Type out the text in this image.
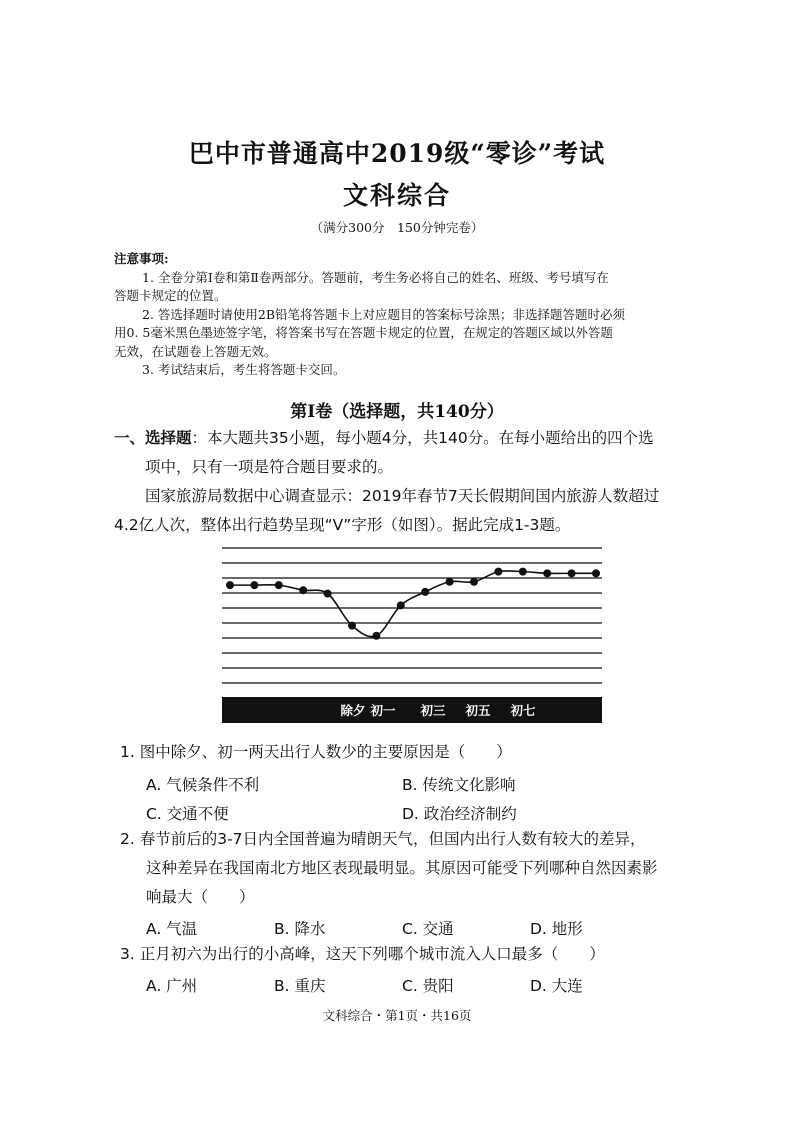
巴中市普通高中2019级“零诊”考试
文科综合
（满分300分　150分钟完卷）
注意事项:
1. 全卷分第Ⅰ卷和第Ⅱ卷两部分。答题前，考生务必将自己的姓名、班级、考号填写在
答题卡规定的位置。
2. 答选择题时请使用2B铅笔将答题卡上对应题目的答案标号涂黑；非选择题答题时必须
用0. 5毫米黑色墨迹签字笔，将答案书写在答题卡规定的位置，在规定的答题区域以外答题
无效，在试题卷上答题无效。
3. 考试结束后，考生将答题卡交回。
第Ⅰ卷（选择题，共140分）
一、选择题：本大题共35小题，每小题4分，共140分。在每小题给出的四个选
项中，只有一项是符合题目要求的。
国家旅游局数据中心调查显示：2019年春节7天长假期间国内旅游人数超过
4.2亿人次，整体出行趋势呈现“V”字形（如图）。据此完成1-3题。
除夕 初一 初三 初五 初七
1. 图中除夕、初一两天出行人数少的主要原因是（　　）
A. 气候条件不利	B. 传统文化影响
C. 交通不便	D. 政治经济制约
2. 春节前后的3-7日内全国普遍为晴朗天气，但国内出行人数有较大的差异，
这种差异在我国南北方地区表现最明显。其原因可能受下列哪种自然因素影
响最大（　　）
A. 气温	B. 降水	C. 交通	D. 地形
3. 正月初六为出行的小高峰，这天下列哪个城市流入人口最多（　　）
A. 广州	B. 重庆	C. 贵阳	D. 大连
文科综合・第1页・共16页
